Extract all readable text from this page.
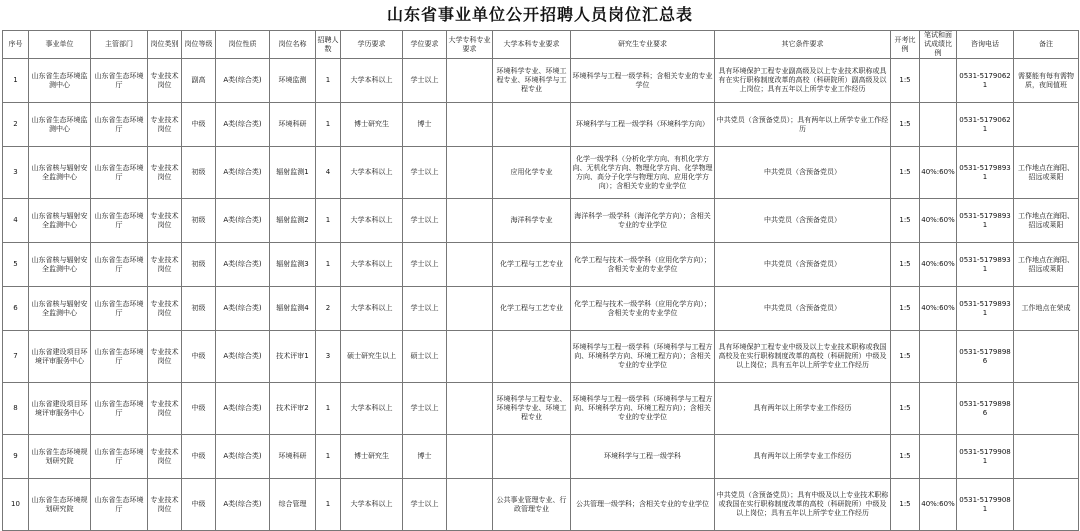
山东省事业单位公开招聘人员岗位汇总表
序号	事业单位	主管部门	岗位类别	岗位等级	岗位性质	岗位名称	招聘人数	学历要求	学位要求	大学专科专业要求	大学本科专业要求	研究生专业要求	其它条件要求	开考比例	笔试和面试成绩比例	咨询电话	备注
1	山东省生态环境监测中心	山东省生态环境厅	专业技术岗位	副高	A类(综合类)	环境监测	1	大学本科以上	学士以上		环境科学专业、环境工程专业、环境科学与工程专业	环境科学与工程一级学科；含相关专业的专业学位	具有环境保护工程专业副高级及以上专业技术职称或具有在实行职称制度改革的高校（科研院所）副高级及以上岗位；具有五年以上所学专业工作经历	1:5		0531-51790621	需要能有每有需物质，夜间值班
2	山东省生态环境监测中心	山东省生态环境厅	专业技术岗位	中级	A类(综合类)	环境科研	1	博士研究生	博士			环境科学与工程一级学科（环境科学方向）	中共党员（含预备党员）；具有两年以上所学专业工作经历	1:5		0531-51790621	
3	山东省核与辐射安全监测中心	山东省生态环境厅	专业技术岗位	初级	A类(综合类)	辐射监测1	4	大学本科以上	学士以上		应用化学专业	化学一级学科（分析化学方向、有机化学方向、无机化学方向、物理化学方向、化学物理方向、高分子化学与物理方向、应用化学方向）；含相关专业的专业学位	中共党员（含预备党员）	1:5	40%:60%	0531-51798931	工作地点在海阳、招远或莱阳
4	山东省核与辐射安全监测中心	山东省生态环境厅	专业技术岗位	初级	A类(综合类)	辐射监测2	1	大学本科以上	学士以上		海洋科学专业	海洋科学一级学科（海洋化学方向）；含相关专业的专业学位	中共党员（含预备党员）	1:5	40%:60%	0531-51798931	工作地点在海阳、招远或莱阳
5	山东省核与辐射安全监测中心	山东省生态环境厅	专业技术岗位	初级	A类(综合类)	辐射监测3	1	大学本科以上	学士以上		化学工程与工艺专业	化学工程与技术一级学科（应用化学方向）；含相关专业的专业学位	中共党员（含预备党员）	1:5	40%:60%	0531-51798931	工作地点在海阳、招远或莱阳
6	山东省核与辐射安全监测中心	山东省生态环境厅	专业技术岗位	初级	A类(综合类)	辐射监测4	2	大学本科以上	学士以上		化学工程与工艺专业	化学工程与技术一级学科（应用化学方向）；含相关专业的专业学位	中共党员（含预备党员）	1:5	40%:60%	0531-51798931	工作地点在荣成
7	山东省建设项目环境评审服务中心	山东省生态环境厅	专业技术岗位	中级	A类(综合类)	技术评审1	3	硕士研究生以上	硕士以上			环境科学与工程一级学科（环境科学与工程方向、环境科学方向、环境工程方向）；含相关专业的专业学位	具有环境保护工程专业中级及以上专业技术职称或我国高校及在实行职称制度改革的高校（科研院所）中级及以上岗位；具有五年以上所学专业工作经历	1:5		0531-51798986	
8	山东省建设项目环境评审服务中心	山东省生态环境厅	专业技术岗位	中级	A类(综合类)	技术评审2	1	大学本科以上	学士以上		环境科学与工程专业、环境科学专业、环境工程专业	环境科学与工程一级学科（环境科学与工程方向、环境科学方向、环境工程方向）；含相关专业的专业学位	具有两年以上所学专业工作经历	1:5		0531-51798986	
9	山东省生态环境规划研究院	山东省生态环境厅	专业技术岗位	中级	A类(综合类)	环境科研	1	博士研究生	博士			环境科学与工程一级学科	具有两年以上所学专业工作经历	1:5		0531-51799081	
10	山东省生态环境规划研究院	山东省生态环境厅	专业技术岗位	中级	A类(综合类)	综合管理	1	大学本科以上	学士以上		公共事业管理专业、行政管理专业	公共管理一级学科；含相关专业的专业学位	中共党员（含预备党员）；具有中级及以上专业技术职称或我国在实行职称制度改革的高校（科研院所）中级及以上岗位；具有五年以上所学专业工作经历	1:5	40%:60%	0531-51799081	
